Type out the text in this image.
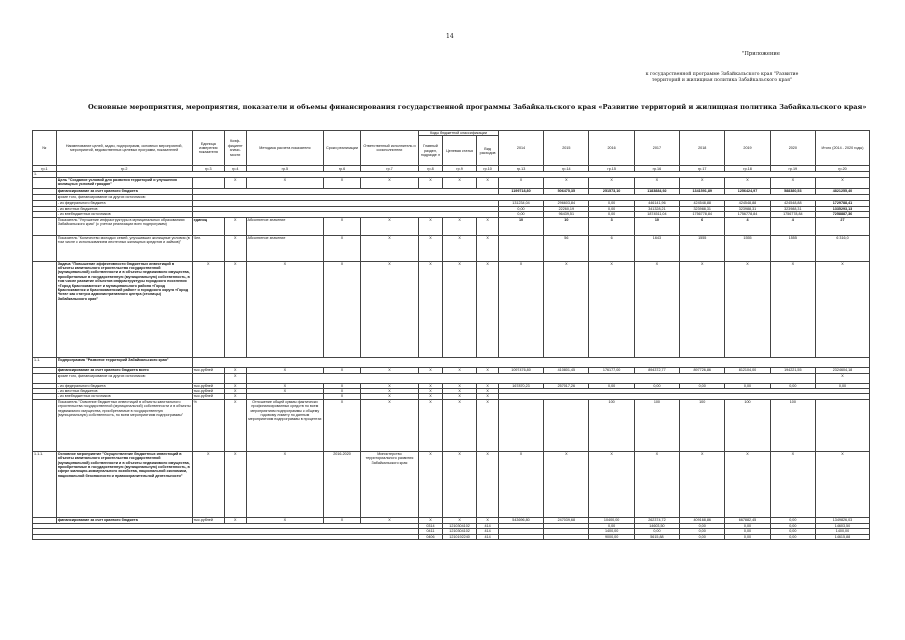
14
"Приложение
к государственной программе Забайкальского края "Развитие территорий и жилищная политика Забайкальского края"
Основные мероприятия, мероприятия, показатели и объемы финансирования государственной программы Забайкальского края «Развитие территорий и жилищная политика Забайкальского края»
№	Наименование целей, задач, подпрограмм, основных мероприятий, мероприятий, ведомственных целевых программ, показателей	Единица измерения показателя	Коэф-фициент значи-мости	Методика расчета показателя	Сроки реализации	Ответственный исполнитель и соисполнители	Коды бюджетной классификации			2014	2015	2016	2017	2018	2019	2020	Итого (2014 - 2020 годы)
							Главный раздел, подразде л	Целевая статья	Вид расходов								
гр.1	гр.2	гр.3	гр.4	гр.5	гр.6	гр.7	гр.8	гр.9	гр.10	гр.13	гр.14	гр.15	гр.16	гр.17	гр.18	гр.19	гр.20
1.																	
	Цель "Создание условий для развития территорий и улучшения жилищных условий граждан"		X	X	X	X	X	X	X	X	X	X	X	X	X	X	X
	финансирование за счет краевого бюджета									1199718,80	506475,35	251573,10	1183884,92	1341591,89	1256424,97	588380,53	4821255,40
	кроме того, финансирование из других источников:																
	- из федерального бюджета									131234,04	296603,84	0,00	446141,96	424548,88	424548,88	424548,88	1729788,41
	- из местных бюджетов									0,00	22260,19	0,00	341328,21	323988,31	323988,31	323988,31	1335293,13
	- из внебюджетных источников									0,00	96439,51	0,00	1874511,04	1756778,84	1756778,84	1756778,84	7258887,36
	Показатель "Улучшение инфраструктуры в муниципальных образованиях Забайкальского края" (с учетом реализации всех подпрограмм)	единиц	X	Абсолютное значение	X	X	X	X	X	10	10	3	10	6	4	4	27
	Показатель "Количество молодых семей, улучшивших жилищные условия (в том числе с использованием ипотечных жилищных кредитов и займов)"	Чел.	X	Абсолютное значение	X	X	X	X	X		56	6	1643	1555	1555	1555	6 316,0
	Задача "Повышение эффективности бюджетных инвестиций в объекты капитального строительства государственной (муниципальной) собственности и в объекты недвижимого имущества, приобретаемые в государственную (муниципальную) собственность, в том числе развитие объектов инфраструктуры городского поселения «Город Краснокаменск» и муниципального района «Город Краснокаменск и Краснокаменский район» и городского округа «Город Чита» как статуса административного центра (столицы) Забайкальского края"	X	X	X	X	X	X	X	X	X	X	X	X	X	X	X	X
1.1.	Подпрограмма "Развитие территорий Забайкальского края"																
	финансирование за счет краевого бюджета всего	тыс.рублей	X	X	X	X	X	X	X	1097476,80	410801,45	176177,00	894372,77	897726,86	812104,00	194221,55	2324604,18
	кроме того, финансирование из других источников:		X														X
	- из федерального бюджета	тыс.рублей	X	X	X	X	X	X	X	167870,23	257017,26	0,00	0,00	0,00	0,00	0,00	0,00
	- из местных бюджетов	тыс.рублей	X	X	X	X	X	X	X								
	- из внебюджетных источников	тыс.рублей	X		X	X	X	X	X								
	Показатель "Освоение бюджетных инвестиций в объекты капитального строительства государственной (муниципальной) собственности и в объекты недвижимого имущества, приобретаемые в государственную (муниципальную) собственность, по всем мероприятиям подпрограммы"	%	X	Отношение общей суммы фактически профинансированных средств по всем мероприятиям подпрограммы к общему годовому лимиту по данным мероприятиям подпрограммы в процентах	X	X	X	X	X			100	100	100	100	100	
1.1.1.	Основное мероприятие "Осуществление бюджетных инвестиций в объекты капитального строительства государственной (муниципальной) собственности и в объекты недвижимого имущества, приобретаемые в государственную (муниципальную) собственность, в сфере жилищно-коммунального хозяйства, национальной экономики, национальной безопасности и правоохранительной деятельности"	X	X	X	2016-2020	Министерство территориального развития Забайкальского края	X	X	X	X	X	X	X	X	X	X	X
	финансирование за счет краевого бюджета	тыс.рублей	X	X	X	X	X	X	X	543696,80	247039,68	10400,00	262374,72	409168,86	667882,45	0,00	1349826,03
							0314	1210304102	414			0,00	14603,50	0,00	0,00	0,00	14603,50
							0411	1210304102	414			1400,00	0,00	0,00	0,00	0,00	1400,00
							0406	1210192240	414			9000,00	5615,88	0,00	0,00	0,00	14615,88
